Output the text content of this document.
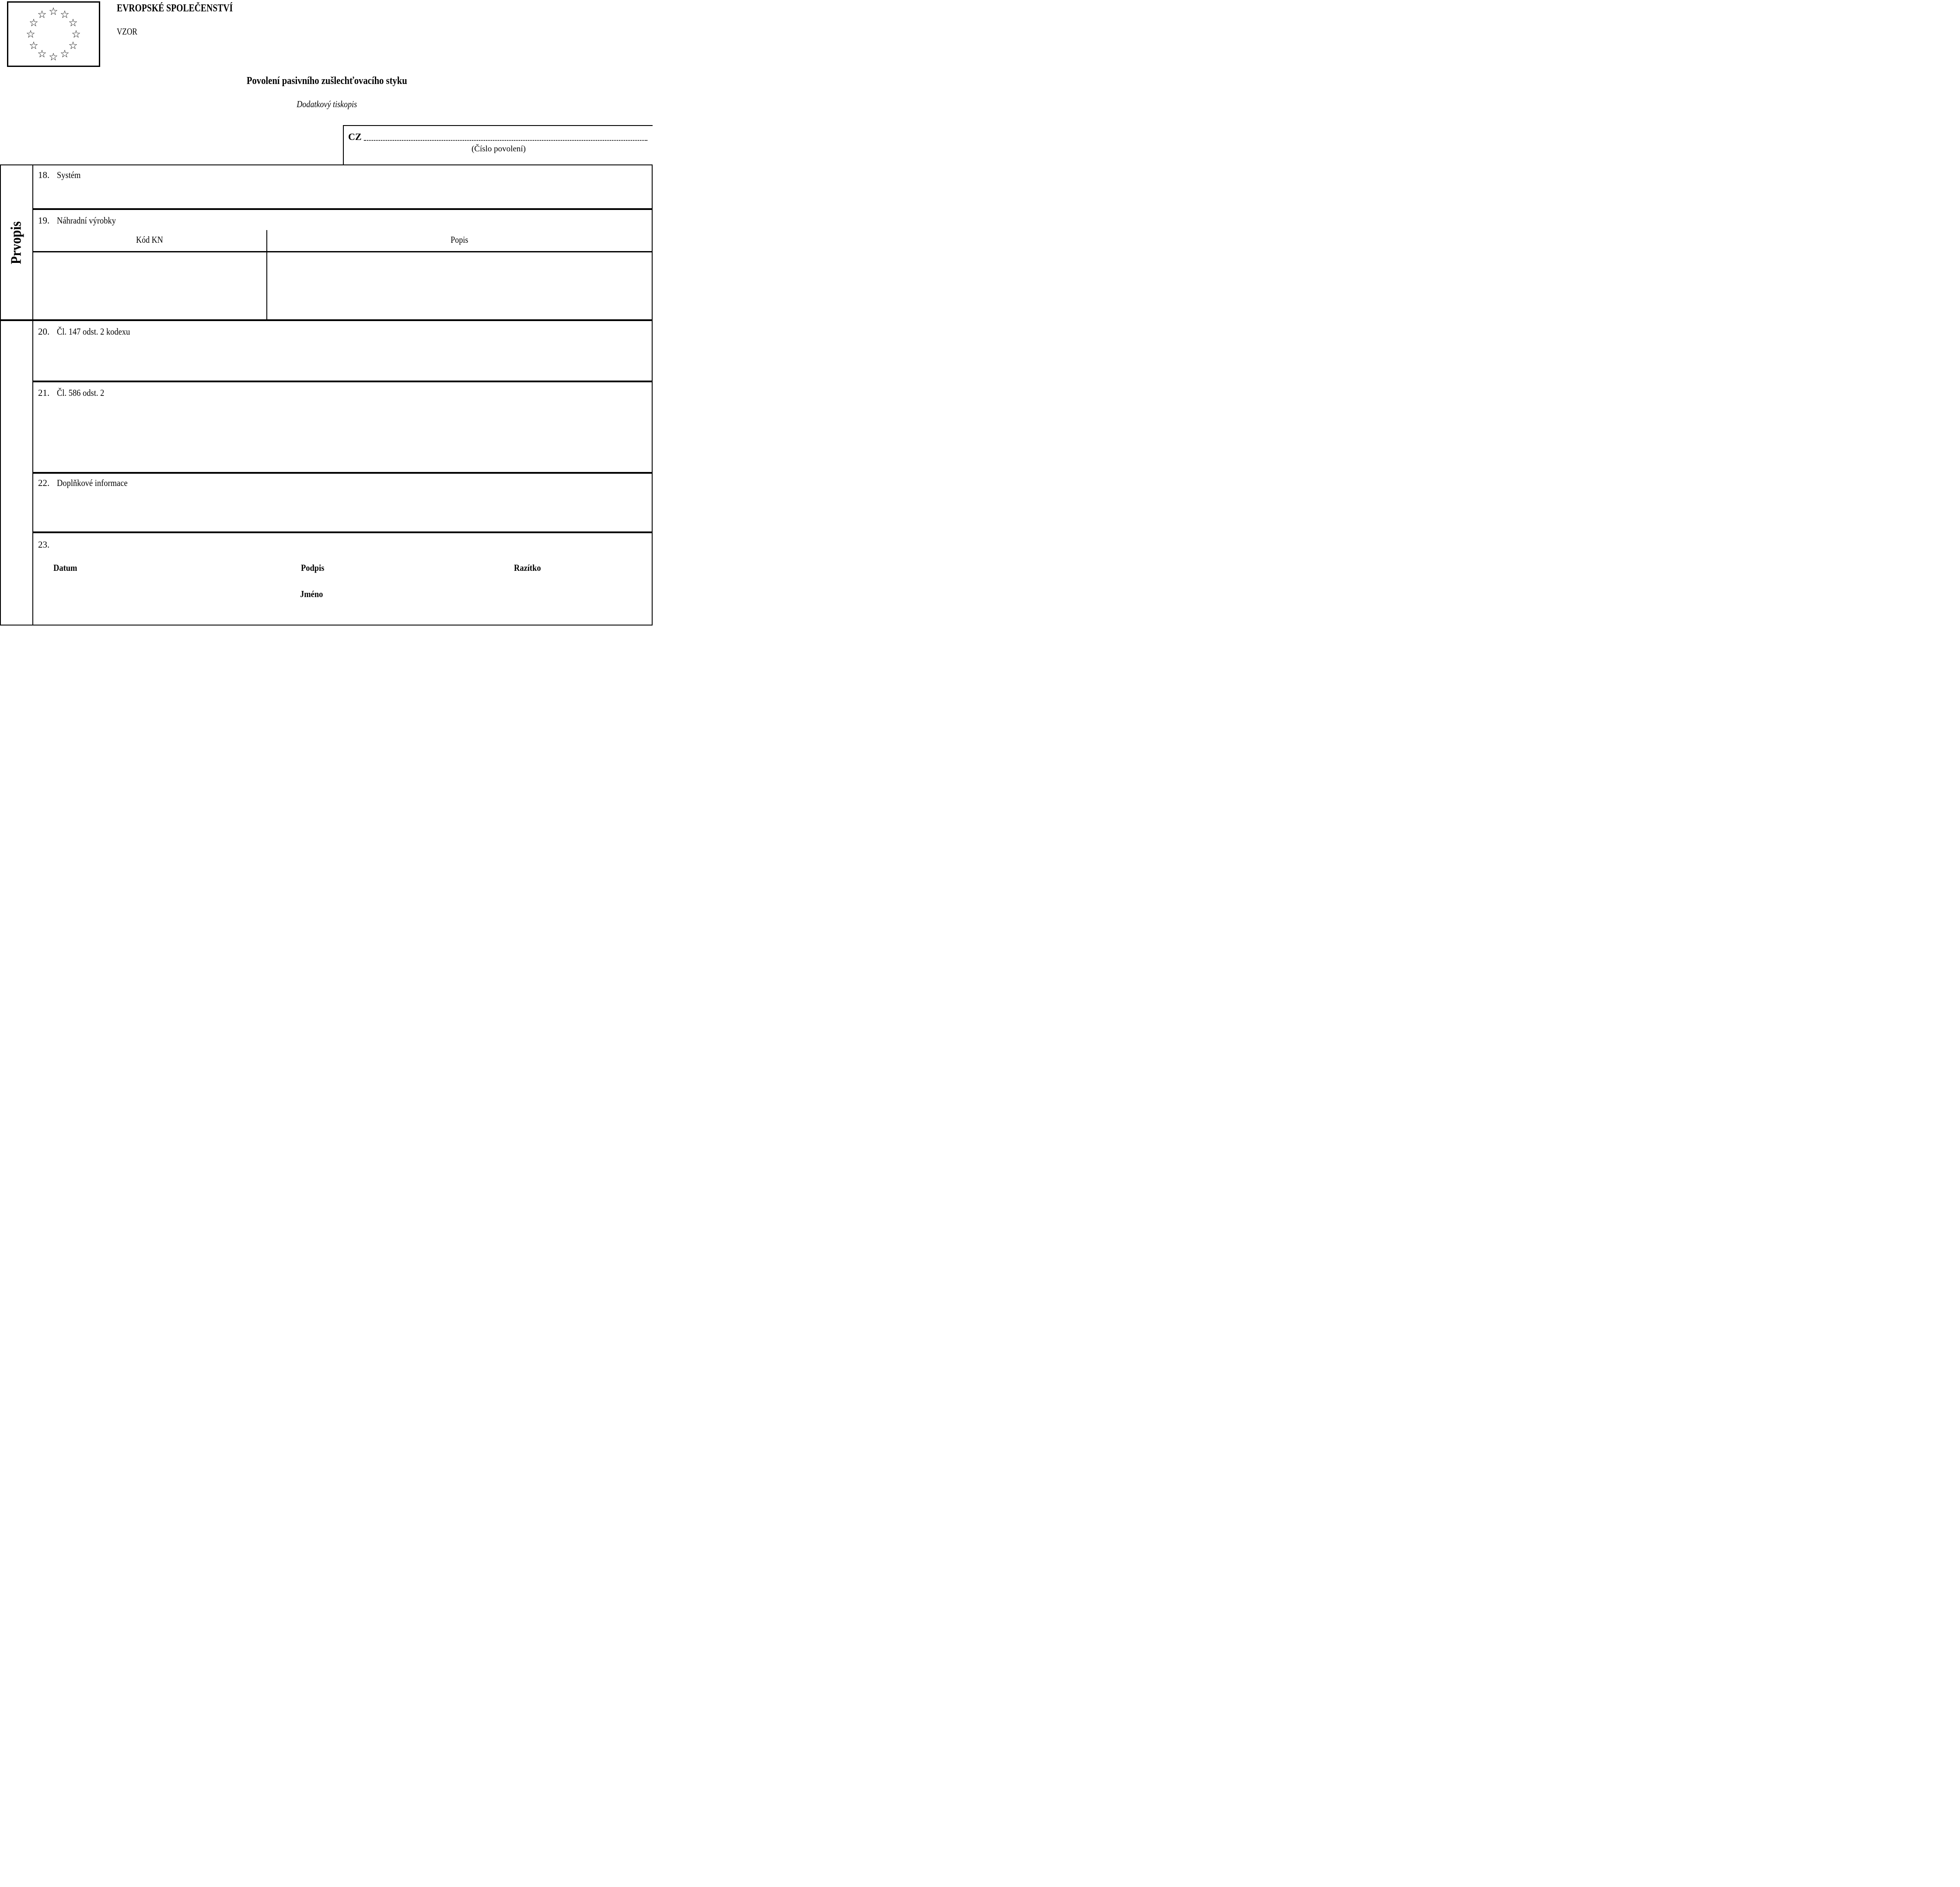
☆ ☆
☆
☆
☆
☆
☆
☆
☆
☆
☆
☆	EVROPSKÉ SPOLEČENSTVÍ
VZOR
Povolení pasivního zušlechťovacího styku
Dodatkový tiskopis
CZ
(Číslo povolení)
Prvopis
18. Systém
19. Náhradní výrobky
Kód KN	Popis
20. Čl. 147 odst. 2 kodexu
21. Čl. 586 odst. 2
22. Doplňkové informace
23.
Datum	Podpis	Razítko
Jméno
